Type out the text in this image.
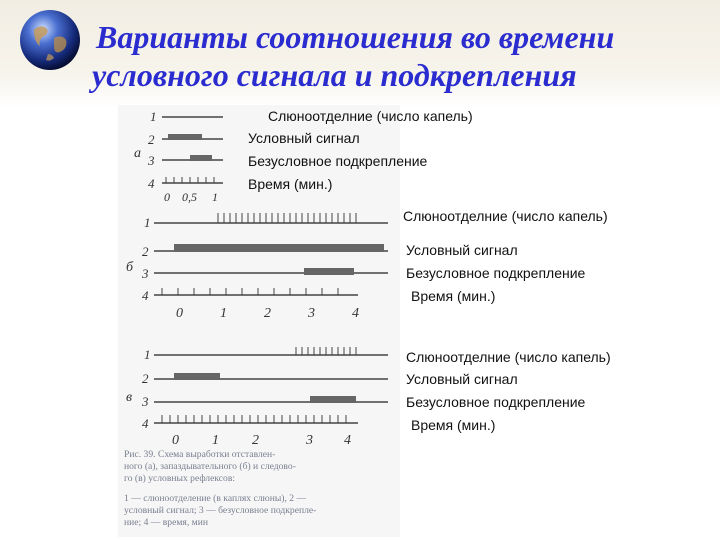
Варианты соотношения во времени
условного сигнала и подкрепления
1
2
3
4
а
0 0,5 1
1
2
3
4
б
0	1	2	3	4
1
2
3
4
в
0 1 2	3 4
Рис. 39. Схема выработки отставлен-
ного (а), запаздывательного (б) и следово-
го (в) условных рефлексов:
1 — слюноотделение (в каплях слюны), 2 —
условный сигнал; 3 — безусловное подкрепле-
ние; 4 — время, мин
Слюноотделние (число капель)
Условный сигнал
Безусловное подкрепление
Время (мин.)
Слюноотделние (число капель)
Условный сигнал
Безусловное подкрепление
Время (мин.)
Слюноотделние (число капель)
Условный сигнал
Безусловное подкрепление
Время (мин.)
